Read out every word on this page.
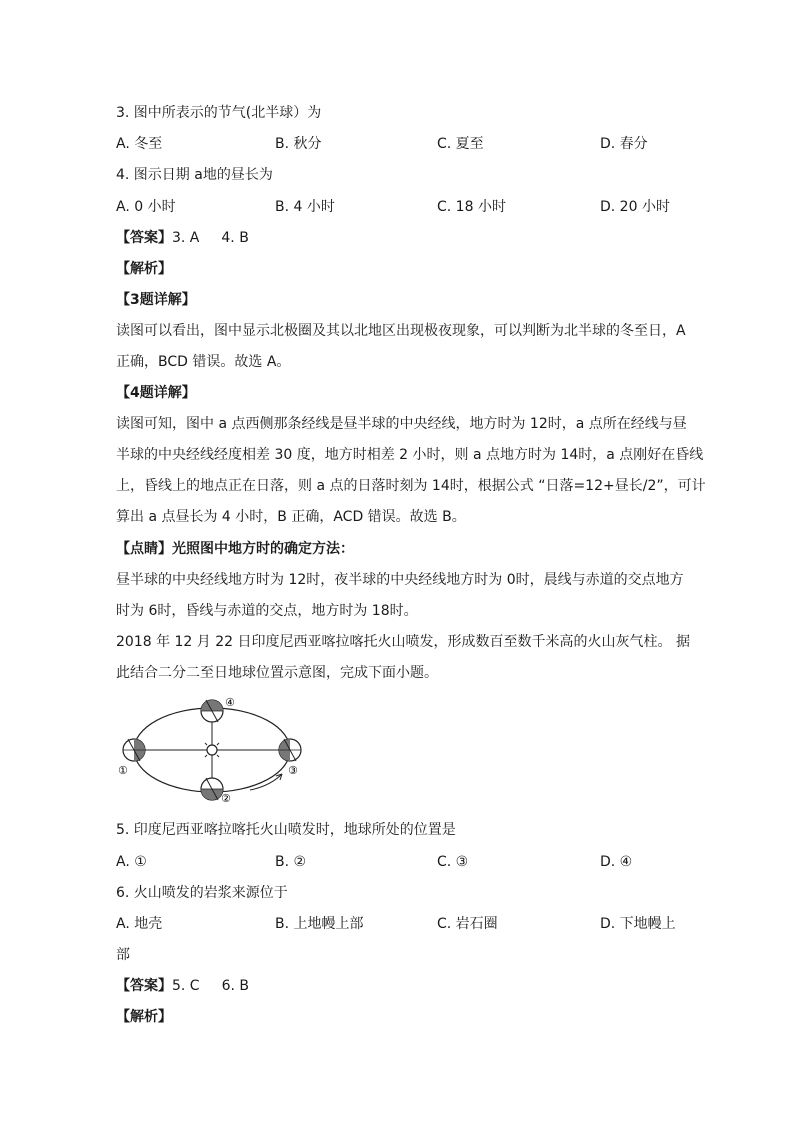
3. 图中所表示的节气(北半球）为
A. 冬至	B. 秋分	C. 夏至	D. 春分
4. 图示日期 a地的昼长为
A. 0 小时	B. 4 小时	C. 18 小时	D. 20 小时
【答案】3. A 4. B
【解析】
【3题详解】
读图可以看出，图中显示北极圈及其以北地区出现极夜现象，可以判断为北半球的冬至日，A
正确，BCD 错误。故选 A。
【4题详解】
读图可知，图中 a 点西侧那条经线是昼半球的中央经线，地方时为 12时，a 点所在经线与昼
半球的中央经线经度相差 30 度，地方时相差 2 小时，则 a 点地方时为 14时，a 点刚好在昏线
上，昏线上的地点正在日落，则 a 点的日落时刻为 14时，根据公式 “日落=12+昼长/2”，可计
算出 a 点昼长为 4 小时，B 正确，ACD 错误。故选 B。
【点睛】光照图中地方时的确定方法：
昼半球的中央经线地方时为 12时，夜半球的中央经线地方时为 0时，晨线与赤道的交点地方
时为 6时，昏线与赤道的交点，地方时为 18时。
2018 年 12 月 22 日印度尼西亚喀拉喀托火山喷发，形成数百至数千米高的火山灰气柱。 据
此结合二分二至日地球位置示意图，完成下面小题。
①
②
③
④
5. 印度尼西亚喀拉喀托火山喷发时，地球所处的位置是
A. ①	B. ②	C. ③	D. ④
6. 火山喷发的岩浆来源位于
A. 地壳	B. 上地幔上部	C. 岩石圈	D. 下地幔上
部
【答案】5. C 6. B
【解析】
